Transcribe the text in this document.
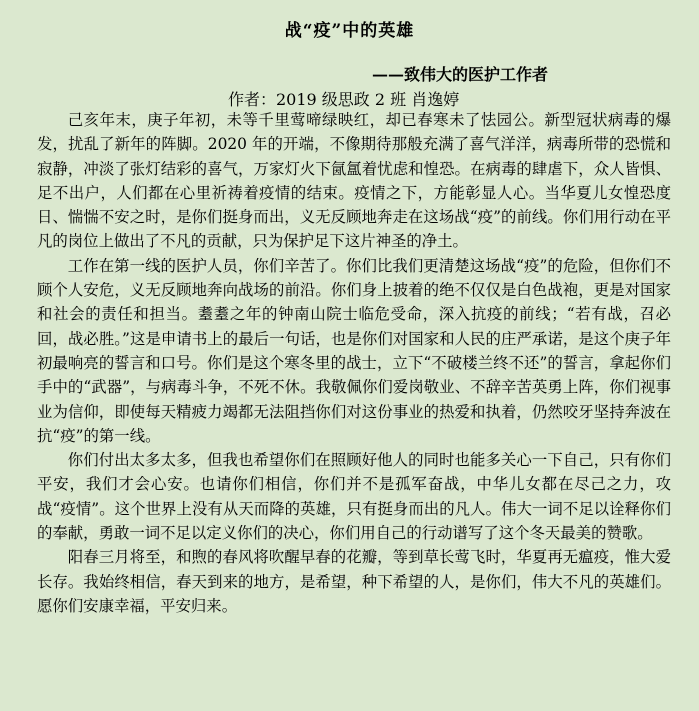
战“疫”中的英雄
——致伟大的医护工作者
作者：2019 级思政 2 班 肖逸婷

己亥年末，庚子年初，未等千里莺啼绿映红，却已春寒未了怯园公。新型冠状病毒的爆发，扰乱了新年的阵脚。2020 年的开端，不像期待那般充满了喜气洋洋，病毒所带的恐慌和寂静，冲淡了张灯结彩的喜气，万家灯火下氤氲着忧虑和惶恐。在病毒的肆虐下，众人皆惧、足不出户，人们都在心里祈祷着疫情的结束。疫情之下，方能彰显人心。当华夏儿女惶恐度日、惴惴不安之时，是你们挺身而出，义无反顾地奔走在这场战“疫”的前线。你们用行动在平凡的岗位上做出了不凡的贡献，只为保护足下这片神圣的净土。

工作在第一线的医护人员，你们辛苦了。你们比我们更清楚这场战“疫”的危险，但你们不顾个人安危，义无反顾地奔向战场的前沿。你们身上披着的绝不仅仅是白色战袍，更是对国家和社会的责任和担当。耋耋之年的钟南山院士临危受命，深入抗疫的前线；“若有战，召必回，战必胜。”这是申请书上的最后一句话，也是你们对国家和人民的庄严承诺，是这个庚子年初最响亮的誓言和口号。你们是这个寒冬里的战士，立下“不破楼兰终不还”的誓言，拿起你们手中的“武器”，与病毒斗争，不死不休。我敬佩你们爱岗敬业、不辞辛苦英勇上阵，你们视事业为信仰，即使每天精疲力竭都无法阻挡你们对这份事业的热爱和执着，仍然咬牙坚持奔波在抗“疫”的第一线。

你们付出太多太多，但我也希望你们在照顾好他人的同时也能多关心一下自己，只有你们平安，我们才会心安。也请你们相信，你们并不是孤军奋战，中华儿女都在尽己之力，攻战“疫情”。这个世界上没有从天而降的英雄，只有挺身而出的凡人。伟大一词不足以诠释你们的奉献，勇敢一词不足以定义你们的决心，你们用自己的行动谱写了这个冬天最美的赞歌。

阳春三月将至，和煦的春风将吹醒早春的花瓣，等到草长莺飞时，华夏再无瘟疫，惟大爱长存。我始终相信，春天到来的地方，是希望，种下希望的人，是你们，伟大不凡的英雄们。愿你们安康幸福，平安归来。
